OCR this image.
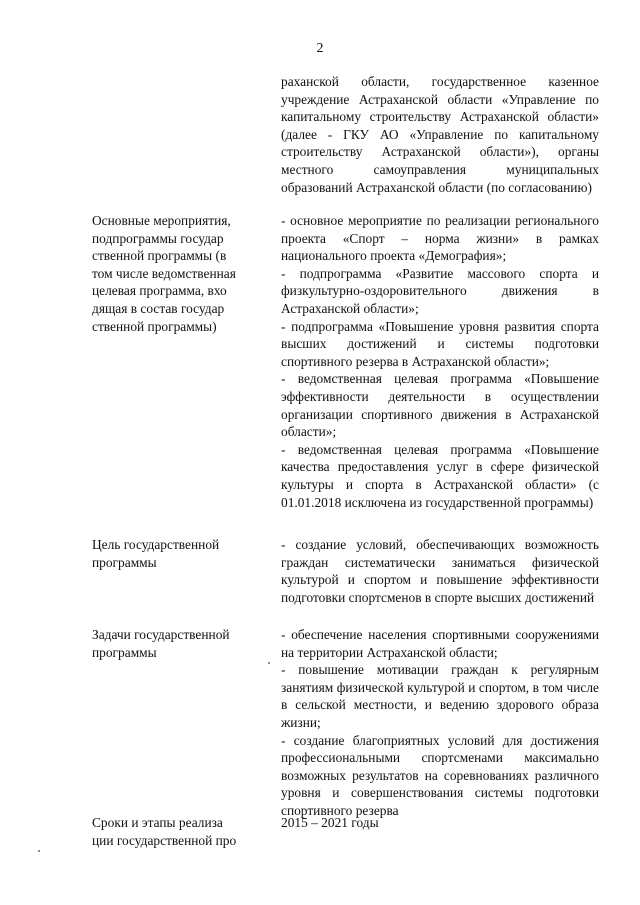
2

раханской области, государственное казенное учреждение Астраханской области «Управление по капитальному строительству Астраханской области» (далее - ГКУ АО «Управление по капитальному строительству Астраханской области»), органы местного самоуправления муниципальных образований Астраханской области (по согласованию)

Основные мероприятия,
подпрограммы государ
ственной программы (в
том числе ведомственная
целевая программа, вхо
дящая в состав государ
ственной программы)

- основное мероприятие по реализации регионального проекта «Спорт – норма жизни» в рамках национального проекта «Демография»;

- подпрограмма «Развитие массового спорта и физкультурно-оздоровительного движения в Астраханской области»;

- подпрограмма «Повышение уровня развития спорта высших достижений и системы подготовки спортивного резерва в Астраханской области»;

- ведомственная целевая программа «Повышение эффективности деятельности в осуществлении организации спортивного движения в Астраханской области»;

- ведомственная целевая программа «Повышение качества предоставления услуг в сфере физической культуры и спорта в Астраханской области» (с 01.01.2018 исключена из государственной программы)

Цель государственной
программы

- создание условий, обеспечивающих возможность граждан систематически заниматься физической культурой и спортом и повышение эффективности подготовки спортсменов в спорте высших достижений

Задачи государственной
программы

- обеспечение населения спортивными сооружениями на территории Астраханской области;

- повышение мотивации граждан к регулярным занятиям физической культурой и спортом, в том числе в сельской местности, и ведению здорового образа жизни;

- создание благоприятных условий для достижения профессиональными спортсменами максимально возможных результатов на соревнованиях различного уровня и совершенствования системы подготовки спортивного резерва

Сроки и этапы реализа
ции государственной про

2015 – 2021 годы
